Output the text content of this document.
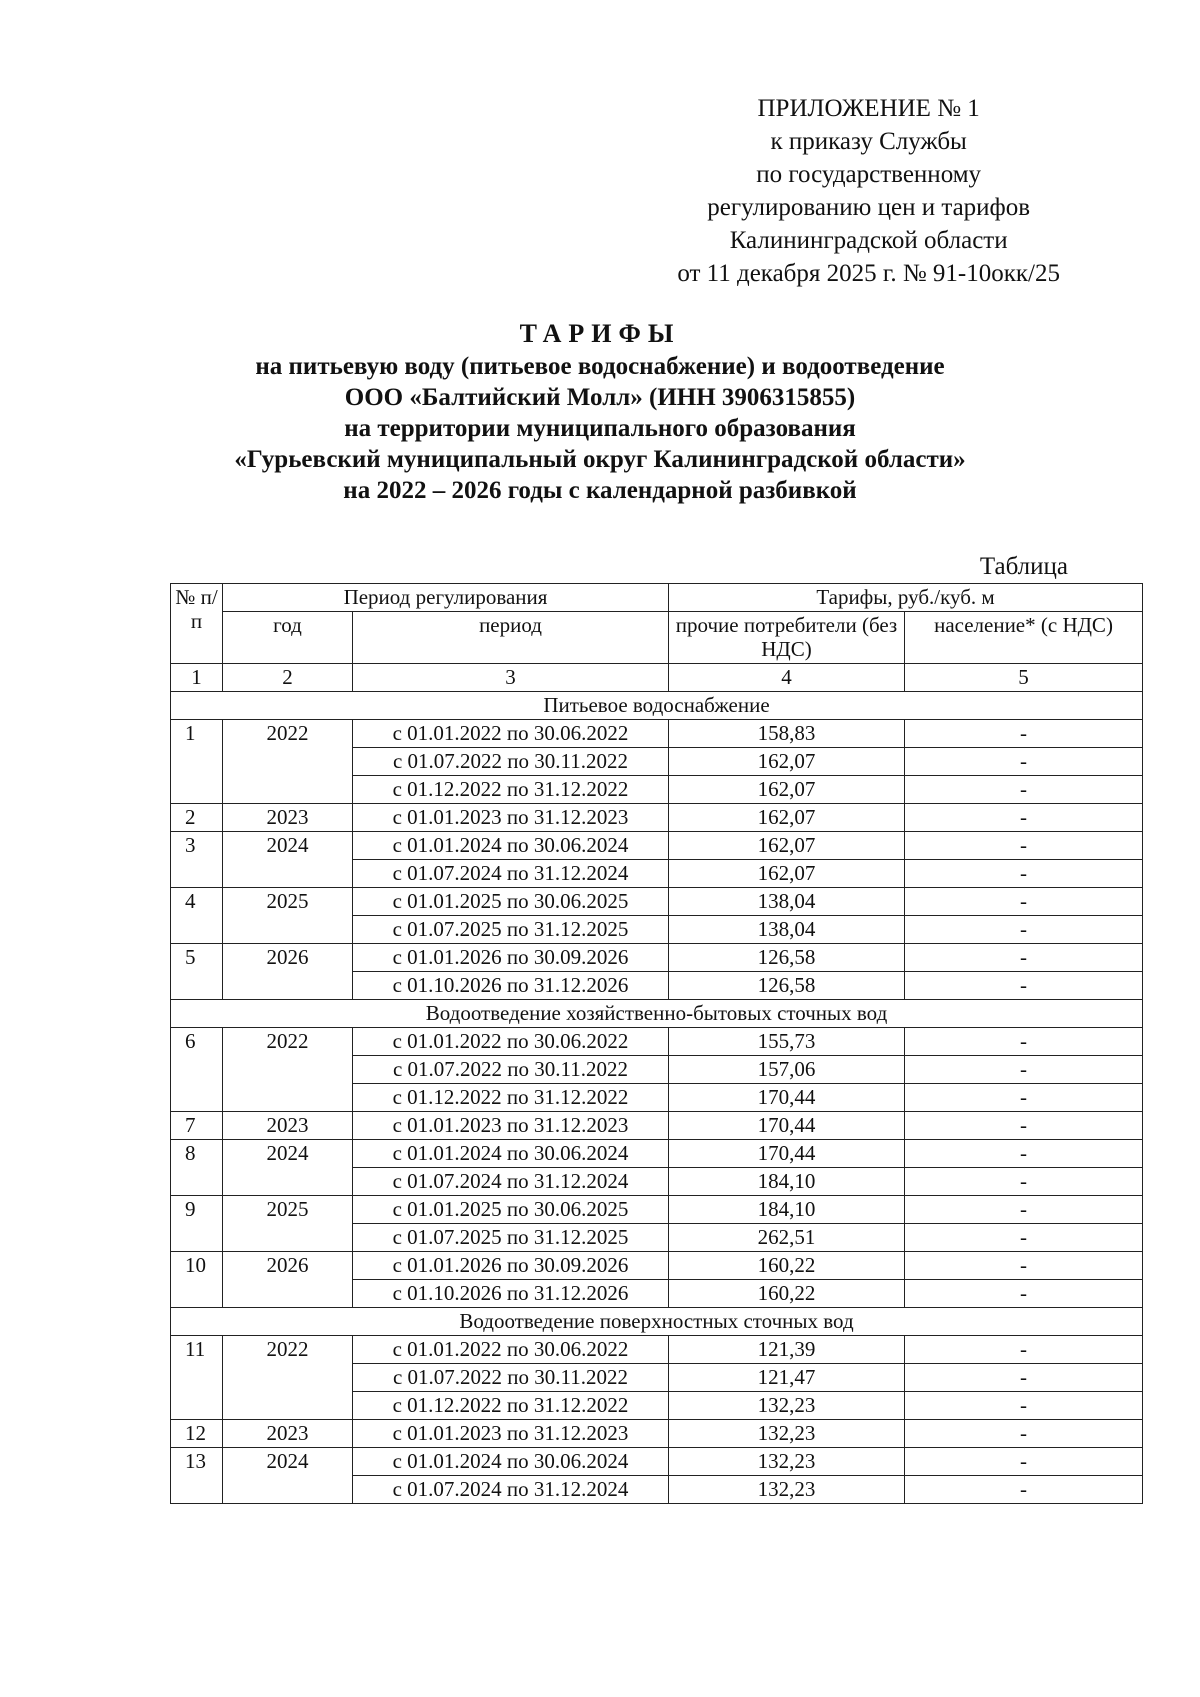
ПРИЛОЖЕНИЕ № 1
к приказу Службы
по государственному
регулированию цен и тарифов
Калининградской области
от 11 декабря 2025 г. № 91-10окк/25
ТАРИФЫ
на питьевую воду (питьевое водоснабжение) и водоотведение
ООО «Балтийский Молл» (ИНН 3906315855)
на территории муниципального образования
«Гурьевский муниципальный округ Калининградской области»
на 2022 – 2026 годы с календарной разбивкой
Таблица
№ п/п	Период регулирования		Тарифы, руб./куб. м	
	год	период	прочие потребители (без НДС)	население* (с НДС)
1	2	3	4	5
Питьевое водоснабжение				
1	2022	с 01.01.2022 по 30.06.2022	158,83	-
		с 01.07.2022 по 30.11.2022	162,07	-
		с 01.12.2022 по 31.12.2022	162,07	-
2	2023	с 01.01.2023 по 31.12.2023	162,07	-
3	2024	с 01.01.2024 по 30.06.2024	162,07	-
		с 01.07.2024 по 31.12.2024	162,07	-
4	2025	с 01.01.2025 по 30.06.2025	138,04	-
		с 01.07.2025 по 31.12.2025	138,04	-
5	2026	с 01.01.2026 по 30.09.2026	126,58	-
		с 01.10.2026 по 31.12.2026	126,58	-
Водоотведение хозяйственно-бытовых сточных вод				
6	2022	с 01.01.2022 по 30.06.2022	155,73	-
		с 01.07.2022 по 30.11.2022	157,06	-
		с 01.12.2022 по 31.12.2022	170,44	-
7	2023	с 01.01.2023 по 31.12.2023	170,44	-
8	2024	с 01.01.2024 по 30.06.2024	170,44	-
		с 01.07.2024 по 31.12.2024	184,10	-
9	2025	с 01.01.2025 по 30.06.2025	184,10	-
		с 01.07.2025 по 31.12.2025	262,51	-
10	2026	с 01.01.2026 по 30.09.2026	160,22	-
		с 01.10.2026 по 31.12.2026	160,22	-
Водоотведение поверхностных сточных вод				
11	2022	с 01.01.2022 по 30.06.2022	121,39	-
		с 01.07.2022 по 30.11.2022	121,47	-
		с 01.12.2022 по 31.12.2022	132,23	-
12	2023	с 01.01.2023 по 31.12.2023	132,23	-
13	2024	с 01.01.2024 по 30.06.2024	132,23	-
		с 01.07.2024 по 31.12.2024	132,23	-
